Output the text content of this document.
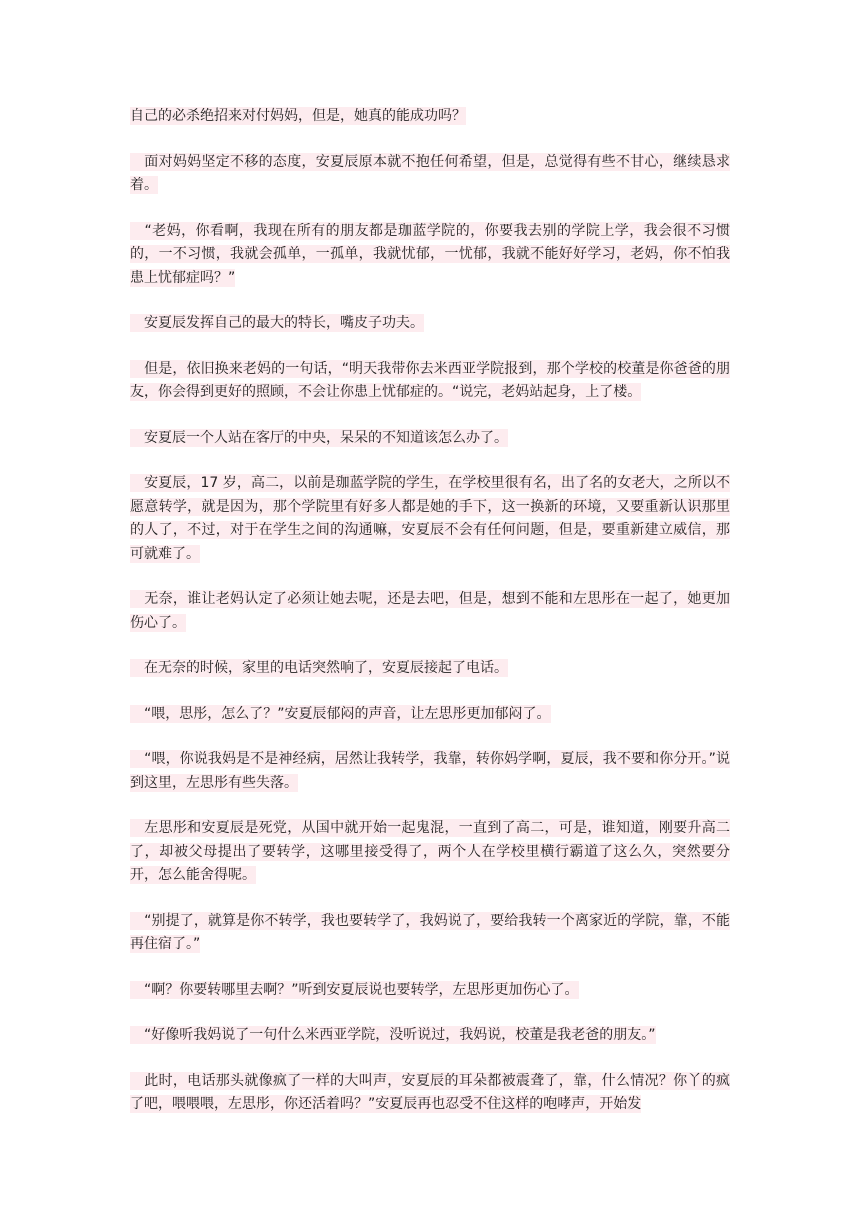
自己的必杀绝招来对付妈妈，但是，她真的能成功吗？

　面对妈妈坚定不移的态度，安夏辰原本就不抱任何希望，但是，总觉得有些不甘心，继续恳求着。

　“老妈，你看啊，我现在所有的朋友都是珈蓝学院的，你要我去别的学院上学，我会很不习惯的，一不习惯，我就会孤单，一孤单，我就忧郁，一忧郁，我就不能好好学习，老妈，你不怕我患上忧郁症吗？”

　安夏辰发挥自己的最大的特长，嘴皮子功夫。

　但是，依旧换来老妈的一句话，“明天我带你去米西亚学院报到，那个学校的校董是你爸爸的朋友，你会得到更好的照顾，不会让你患上忧郁症的。“说完，老妈站起身，上了楼。

　安夏辰一个人站在客厅的中央，呆呆的不知道该怎么办了。

　安夏辰，17 岁，高二，以前是珈蓝学院的学生，在学校里很有名，出了名的女老大，之所以不愿意转学，就是因为，那个学院里有好多人都是她的手下，这一换新的环境，又要重新认识那里的人了，不过，对于在学生之间的沟通嘛，安夏辰不会有任何问题，但是，要重新建立威信，那可就难了。

　无奈，谁让老妈认定了必须让她去呢，还是去吧，但是，想到不能和左思彤在一起了，她更加伤心了。

　在无奈的时候，家里的电话突然响了，安夏辰接起了电话。

　“喂，思彤，怎么了？”安夏辰郁闷的声音，让左思彤更加郁闷了。

　“喂，你说我妈是不是神经病，居然让我转学，我靠，转你妈学啊，夏辰，我不要和你分开。”说到这里，左思彤有些失落。

　左思彤和安夏辰是死党，从国中就开始一起鬼混，一直到了高二，可是，谁知道，刚要升高二了，却被父母提出了要转学，这哪里接受得了，两个人在学校里横行霸道了这么久，突然要分开，怎么能舍得呢。

　“别提了，就算是你不转学，我也要转学了，我妈说了，要给我转一个离家近的学院，靠，不能再住宿了。”

　“啊？你要转哪里去啊？”听到安夏辰说也要转学，左思彤更加伤心了。

　“好像听我妈说了一句什么米西亚学院，没听说过，我妈说，校董是我老爸的朋友。”

　此时，电话那头就像疯了一样的大叫声，安夏辰的耳朵都被震聋了，靠，什么情况？你丫的疯了吧，喂喂喂，左思彤，你还活着吗？”安夏辰再也忍受不住这样的咆哮声，开始发
